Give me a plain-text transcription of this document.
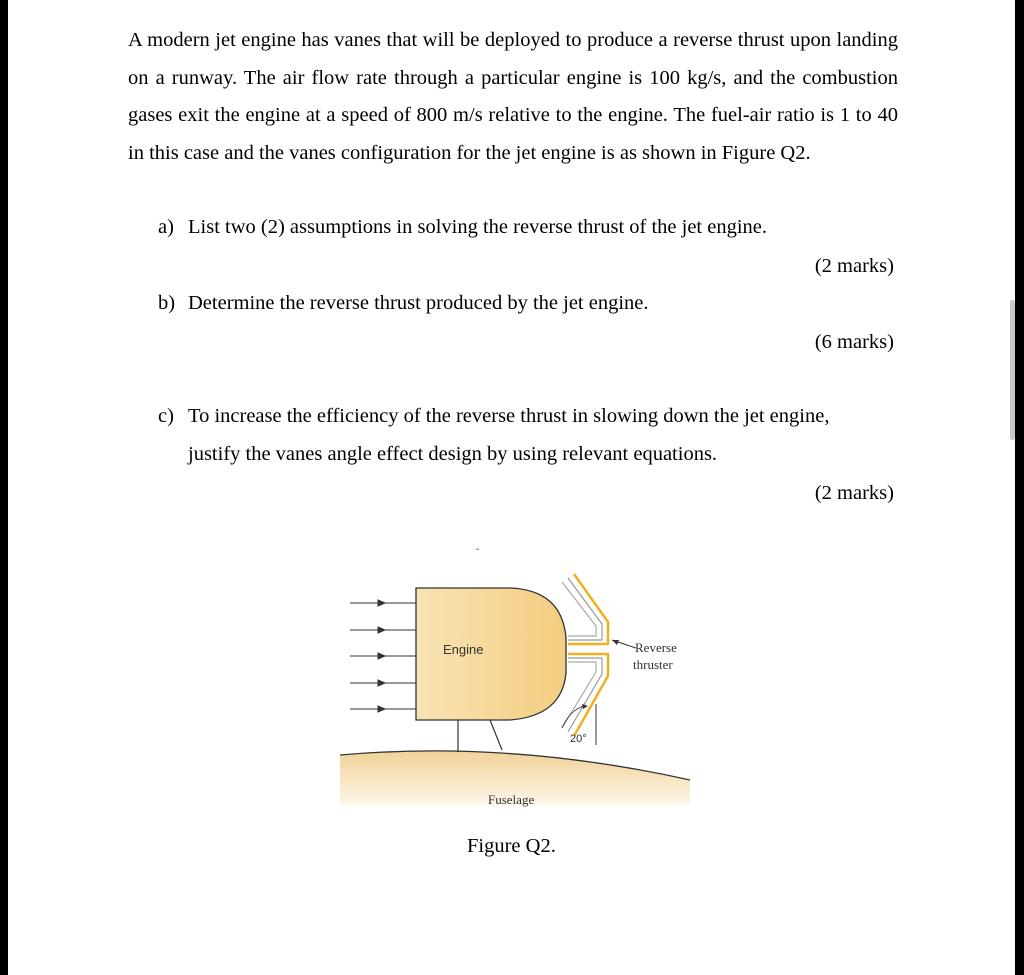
A modern jet engine has vanes that will be deployed to produce a reverse thrust upon landing on a runway. The air flow rate through a particular engine is 100 kg/s, and the combustion gases exit the engine at a speed of 800 m/s relative to the engine. The fuel-air ratio is 1 to 40 in this case and the vanes configuration for the jet engine is as shown in Figure Q2.

a) List two (2) assumptions in solving the reverse thrust of the jet engine.
(2 marks)
b) Determine the reverse thrust produced by the jet engine.
(6 marks)
c) To increase the efficiency of the reverse thrust in slowing down the jet engine,
justify the vanes angle effect design by using relevant equations.
(2 marks)
ˇ
Engine	Reverse
thruster
20°
Fuselage
Figure Q2.
